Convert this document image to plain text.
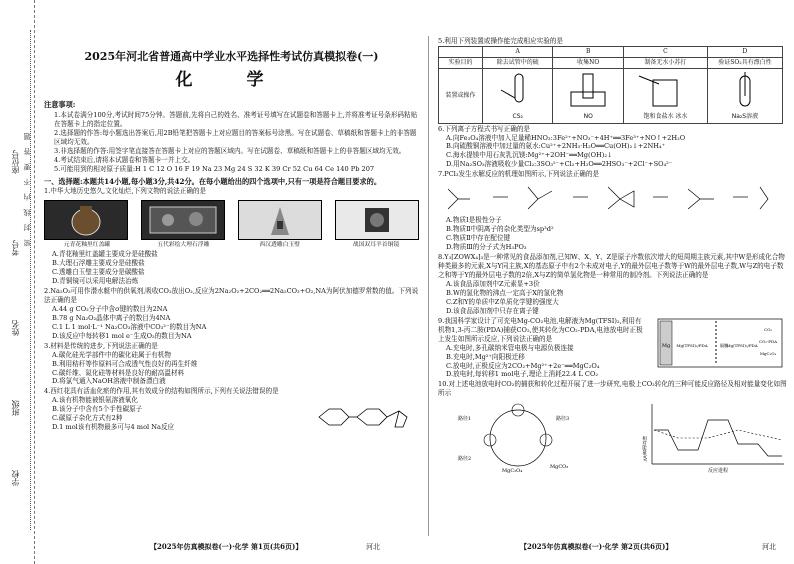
座位号
考号
姓名
班级
学校
密 封 线 内 不 要 答 题
2025年河北省普通高中学业水平选择性考试仿真模拟卷(一)
化 学
注意事项:

1.本试卷满分100分,考试时间75分钟。答题前,先将自己的姓名、准考证号填写在试题卷和答题卡上,并将准考证号条形码粘贴在答题卡上的指定位置。

2.选择题的作答:每小题选出答案后,用2B铅笔把答题卡上对应题目的答案标号涂黑。写在试题卷、草稿纸和答题卡上的非答题区域均无效。

3.非选择题的作答:用签字笔直接答在答题卡上对应的答题区域内。写在试题卷、草稿纸和答题卡上的非答题区域均无效。

4.考试结束后,请将本试题卷和答题卡一并上交。

5.可能用到的相对原子质量:H 1 C 12 O 16 F 19 Na 23 Mg 24 S 32 K 39 Cr 52 Cu 64 Ce 140 Pb 207

一、选择题:本题共14小题,每小题3分,共42分。在每小题给出的四个选项中,只有一项是符合题目要求的。
1.中华大地历史悠久,文化灿烂,下列文物的说法正确的是
元青花釉里红盖罐	五代彩绘大理石浮雕	西汉透雕白玉璧	战国双耳羊首铜镜
A.青花釉里红盖罐主要成分是硅酸盐
B.大理石浮雕主要成分是硅酸盐
C.透雕白玉璧主要成分是碳酸盐
D.青铜镜可以采用电解法冶炼
2.Na₂O₂可用作潜水艇中的供氧剂,吸收CO₂放出O₂,反应为2Na₂O₂+2CO₂══2Na₂CO₃+O₂,NA为阿伏加德罗常数的值。下列说法正确的是
A.44 g CO₂分子中含σ键的数目为2NA
B.78 g Na₂O₂晶体中离子的数目为4NA
C.1 L 1 mol·L⁻¹ Na₂CO₃溶液中CO₃²⁻的数目为NA
D.该反应中每转移1 mol e⁻生成O₂的数目为NA
3.材料是传统的进步,下列说法正确的是
A.碳化硅光学部件中的碳化硅属于有机物
B.利用秸秆等作原料可合成透气性良好的再生纤维
C.碳纤维、氮化硅等材料是良好的耐高温材料
D.将氯气通入NaOH溶液中制备漂白液
4.西红花具有活血化瘀的作用,其有效成分的结构如图所示,下列有关说法错误的是
A.该有机物能被银氨溶液氧化
B.该分子中含有5个手性碳原子
C.碳原子杂化方式有2种
D.1 mol该有机物最多可与4 mol Na反应
5.利用下列装置或操作能完成相应实验的是
	A	B	C	D
实验目的	除去试管中的硫	收集NO	制备无水小苏打	验证SO₂具有漂白性
装置或操作	CS₂	NO	饱和食盐水 冰水	Na₂S溶液
6.下列离子方程式书写正确的是
A.向Fe₃O₄溶液中加入足量稀HNO₃:3Fe²⁺+NO₃⁻+4H⁺══3Fe³⁺+NO↑+2H₂O
B.向硫酸铜溶液中加过量的氨水:Cu²⁺+2NH₃·H₂O══Cu(OH)₂↓+2NH₄⁺
C.海水提镁中用石灰乳沉镁:Mg²⁺+2OH⁻══Mg(OH)₂↓
D.用Na₂SO₃溶液吸收少量Cl₂:3SO₃²⁻+Cl₂+H₂O══2HSO₃⁻+2Cl⁻+SO₄²⁻
7.PCl₃发生水解反应的机理如图所示,下列说法正确的是
A.物质Ⅰ是极性分子
B.物质Ⅱ中阴离子的杂化类型为sp³d²
C.物质Ⅱ中存在配位键
D.物质Ⅲ的分子式为H₃PO₃
8.Y₃[ZOWX₄]₃是一种常见的食品添加剂,已知W、X、Y、Z是原子序数依次增大的短周期主族元素,其中W是形成化合物种类最多的元素,X与Y同主族,X的基态原子中有2个未成对电子,Y的最外层电子数等于W的最外层电子数,W与Z的电子数之和等于Y的最外层电子数的2倍,X与Z的简单氢化物是一种常用的制冷剂。下列说法正确的是
A.该食品添加剂中Z元素显+3价
B.W的氢化物的沸点一定高于X的氢化物
C.Z和Y的单质中Z单质化学键的强度大
D.该食品添加剂中只存在离子键
9.我国科学家设计了可充电Mg-CO₂电池,电解液为Mg(TFSI)₂,利用有机物1,3-丙二胺(PDA)捕获CO₂,使其转化为CO₂-PDA,电池放电时正极上发生如图所示反应,下列说法正确的是
Mg Mg(TFSI)₂/PDA	隔膜
Mg(TFSI)₂/PDA
CO₂
CO₂-PDA
MgC₂O₄
A.充电时,多孔碳纳米管电极与电源负极连接
B.充电时,Mg²⁺向阳极迁移
C.放电时,正极反应为2CO₂+Mg²⁺+2e⁻══MgC₂O₄
D.放电时,每转移1 mol电子,理论上消耗22.4 L CO₂
10.对上述电池放电时CO₂的捕获和转化过程开展了进一步研究,电极上CO₂转化的三种可能反应路径及相对能量变化如图所示
路径1
路径2
路径3
MgCO₃
MgC₂O₄	反应进程
相对能量/eV
【2025年仿真模拟卷(一)·化学 第1页(共6页)】	河北	【2025年仿真模拟卷(一)·化学 第2页(共6页)】	河北
